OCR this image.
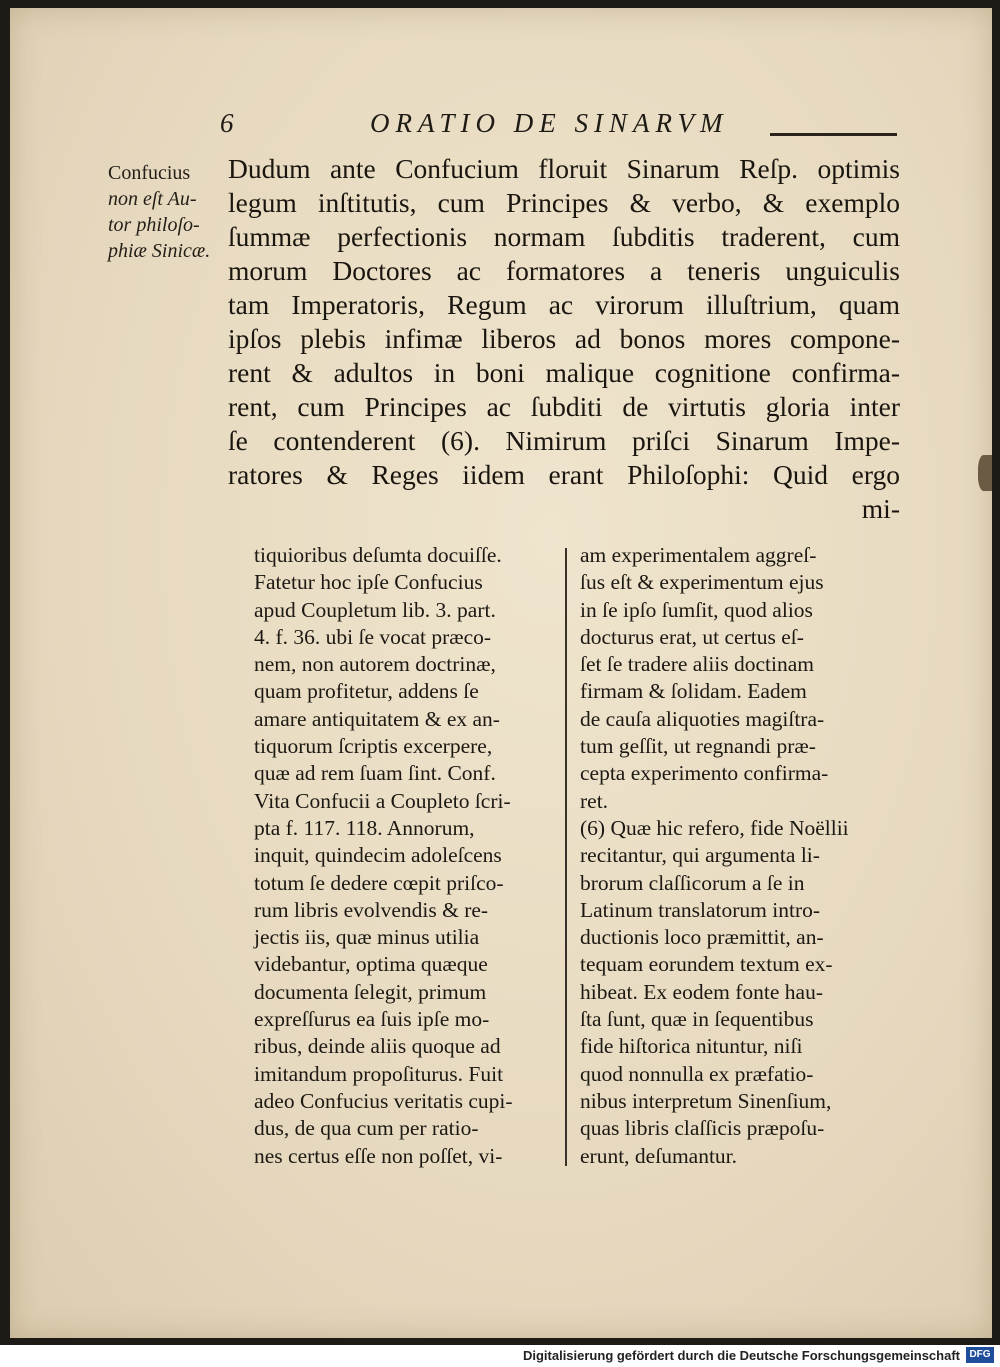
6	ORATIO DE SINARVM
Confucius
non eſt Au-
tor philoſo-
phiæ Sinicæ.
Dudum ante Confucium floruit Sinarum Reſp. optimis
legum inſtitutis, cum Principes & verbo, & exemplo
ſummæ perfectionis normam ſubditis traderent, cum
morum Doctores ac formatores a teneris unguiculis
tam Imperatoris, Regum ac virorum illuſtrium, quam
ipſos plebis infimæ liberos ad bonos mores compone-
rent & adultos in boni malique cognitione confirma-
rent, cum Principes ac ſubditi de virtutis gloria inter
ſe contenderent (6). Nimirum priſci Sinarum Impe-
ratores & Reges iidem erant Philoſophi: Quid ergo
mi-
tiquioribus deſumta docuiſſe.
Fatetur hoc ipſe Confucius
apud Coupletum lib. 3. part.
4. f. 36. ubi ſe vocat præco-
nem, non autorem doctrinæ,
quam profitetur, addens ſe
amare antiquitatem & ex an-
tiquorum ſcriptis excerpere,
quæ ad rem ſuam ſint. Conf.
Vita Confucii a Coupleto ſcri-
pta f. 117. 118. Annorum,
inquit, quindecim adoleſcens
totum ſe dedere cœpit priſco-
rum libris evolvendis & re-
jectis iis, quæ minus utilia
videbantur, optima quæque
documenta ſelegit, primum
expreſſurus ea ſuis ipſe mo-
ribus, deinde aliis quoque ad
imitandum propoſiturus. Fuit
adeo Confucius veritatis cupi-
dus, de qua cum per ratio-
nes certus eſſe non poſſet, vi-
am experimentalem aggreſ-
ſus eſt & experimentum ejus
in ſe ipſo ſumſit, quod alios
docturus erat, ut certus eſ-
ſet ſe tradere aliis doctinam
firmam & ſolidam. Eadem
de cauſa aliquoties magiſtra-
tum geſſit, ut regnandi præ-
cepta experimento confirma-
ret.
(6) Quæ hic refero, fide Noëllii
recitantur, qui argumenta li-
brorum claſſicorum a ſe in
Latinum translatorum intro-
ductionis loco præmittit, an-
tequam eorundem textum ex-
hibeat. Ex eodem fonte hau-
ſta ſunt, quæ in ſequentibus
fide hiſtorica nituntur, niſi
quod nonnulla ex præfatio-
nibus interpretum Sinenſium,
quas libris claſſicis præpoſu-
erunt, deſumantur.
Digitalisierung gefördert durch die Deutsche Forschungsgemeinschaft DFG
